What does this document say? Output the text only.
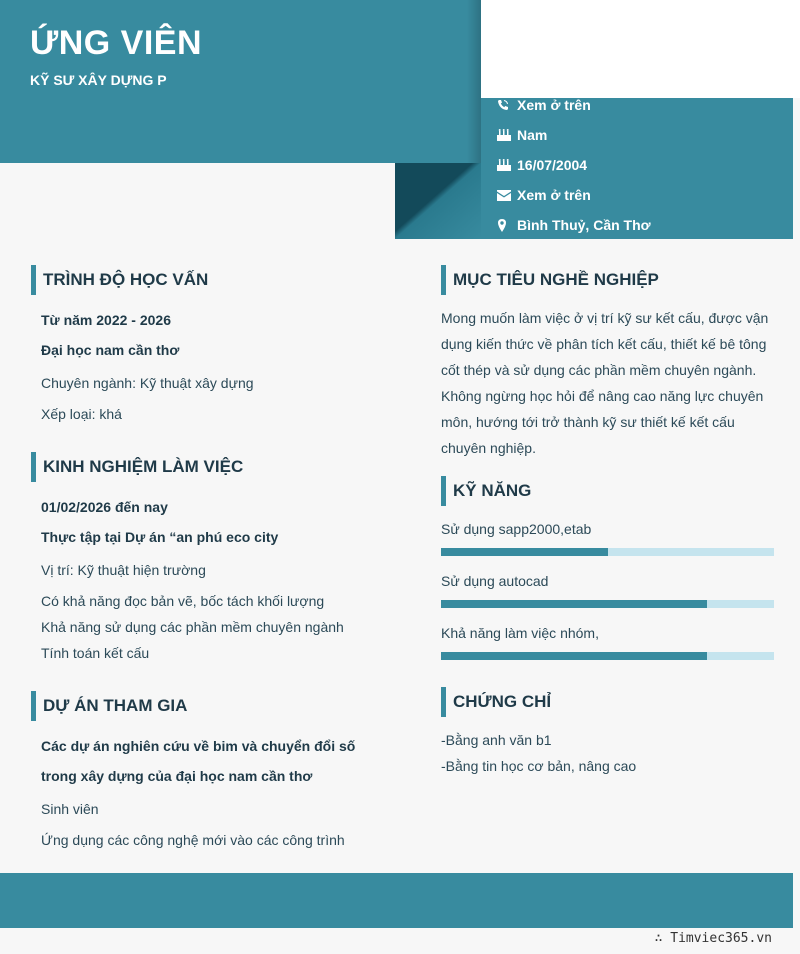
ỨNG VIÊN
KỸ SƯ XÂY DỰNG P
Xem ở trên
Nam
16/07/2004
Xem ở trên
Bình Thuỷ, Cần Thơ
TRÌNH ĐỘ HỌC VẤN
Từ năm 2022 - 2026
Đại học nam cần thơ
Chuyên ngành: Kỹ thuật xây dựng
Xếp loại: khá
KINH NGHIỆM LÀM VIỆC
01/02/2026 đến nay
Thực tập tại Dự án “an phú eco city
Vị trí: Kỹ thuật hiện trường
Có khả năng đọc bản vẽ, bốc tách khối lượng
Khả năng sử dụng các phần mềm chuyên ngành
Tính toán kết cấu
DỰ ÁN THAM GIA
Các dự án nghiên cứu về bim và chuyển đổi số
trong xây dựng của đại học nam cần thơ
Sinh viên
Ứng dụng các công nghệ mới vào các công trình
MỤC TIÊU NGHỀ NGHIỆP
Mong muốn làm việc ở vị trí kỹ sư kết cấu, được vận
dụng kiến thức về phân tích kết cấu, thiết kế bê tông
cốt thép và sử dụng các phần mềm chuyên ngành.
Không ngừng học hỏi để nâng cao năng lực chuyên
môn, hướng tới trở thành kỹ sư thiết kế kết cấu
chuyên nghiệp.
KỸ NĂNG
Sử dụng sapp2000,etab
Sử dụng autocad
Khả năng làm việc nhóm,
CHỨNG CHỈ
-Bằng anh văn b1
-Bằng tin học cơ bản, nâng cao
∴ Timviec365.vn
